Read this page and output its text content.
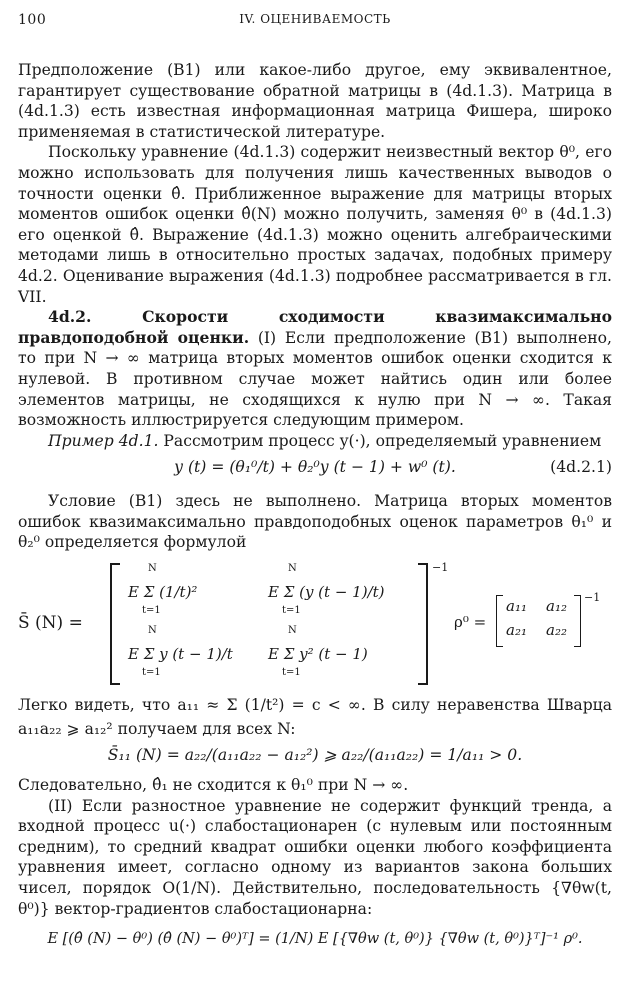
100	IV. ОЦЕНИВАЕМОСТЬ

Предположение (B1) или какое-либо другое, ему эквивалентное, гарантирует существование обратной матрицы в (4d.1.3). Матрица в (4d.1.3) есть известная информационная матрица Фишера, широко применяемая в статистической литературе.

Поскольку уравнение (4d.1.3) содержит неизвестный вектор θ⁰, его можно использовать для получения лишь качественных выводов о точности оценки θ̂. Приближенное выражение для матрицы вторых моментов ошибок оценки θ̂(N) можно получить, заменяя θ⁰ в (4d.1.3) его оценкой θ̂. Выражение (4d.1.3) можно оценить алгебраическими методами лишь в относительно простых задачах, подобных примеру 4d.2. Оценивание выражения (4d.1.3) подробнее рассматривается в гл. VII.

4d.2. Скорости сходимости квазимаксимально правдоподобной оценки. (I) Если предположение (B1) выполнено, то при N → ∞ матрица вторых моментов ошибок оценки сходится к нулевой. В противном случае может найтись один или более элементов матрицы, не сходящихся к нулю при N → ∞. Такая возможность иллюстрируется следующим примером.

Пример 4d.1. Рассмотрим процесс y(·), определяемый уравнением

y (t) = (θ₁⁰/t) + θ₂⁰y (t − 1) + w⁰ (t).	(4d.2.1)

Условие (B1) здесь не выполнено. Матрица вторых моментов ошибок квазимаксимально правдоподобных оценок параметров θ₁⁰ и θ₂⁰ определяется формулой

S̄ (N) =
N
E Σ (1/t)²
t=1
N
E Σ (y (t − 1)/t)
t=1
N
E Σ y (t − 1)/t
t=1
N
E Σ y² (t − 1)
t=1
−1
ρ⁰ =
a₁₁ a₁₂
a₂₁ a₂₂
−1

Легко видеть, что a₁₁ ≈ Σ (1/t²) = c < ∞. В силу неравенства Шварца a₁₁a₂₂ ⩾ a₁₂² получаем для всех N:

S̄₁₁ (N) = a₂₂/(a₁₁a₂₂ − a₁₂²) ⩾ a₂₂/(a₁₁a₂₂) = 1/a₁₁ > 0.

Следовательно, θ̂₁ не сходится к θ₁⁰ при N → ∞.

(II) Если разностное уравнение не содержит функций тренда, а входной процесс u(·) слабостационарен (с нулевым или постоянным средним), то средний квадрат ошибки оценки любого коэффициента уравнения имеет, согласно одному из вариантов закона больших чисел, порядок O(1/N). Действительно, последовательность {∇θw(t, θ⁰)} вектор-градиентов слабостационарна:

E [(θ̂ (N) − θ⁰) (θ̂ (N) − θ⁰)ᵀ] = (1/N) E [{∇θw (t, θ⁰)} {∇θw (t, θ⁰)}ᵀ]⁻¹ ρ⁰.
